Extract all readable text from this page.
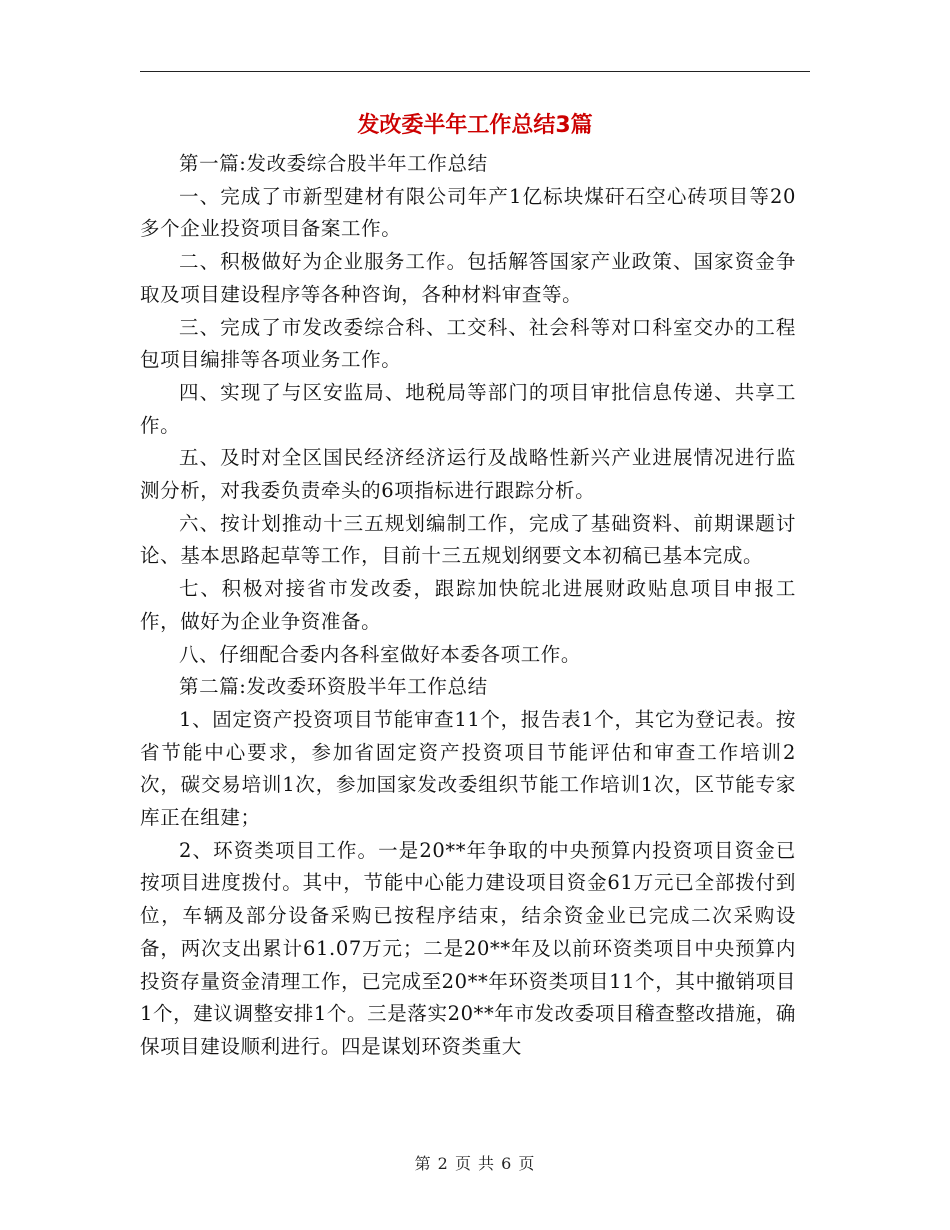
发改委半年工作总结3篇

第一篇:发改委综合股半年工作总结

一、完成了市新型建材有限公司年产1亿标块煤矸石空心砖项目等20多个企业投资项目备案工作。

二、积极做好为企业服务工作。包括解答国家产业政策、国家资金争取及项目建设程序等各种咨询，各种材料审查等。

三、完成了市发改委综合科、工交科、社会科等对口科室交办的工程包项目编排等各项业务工作。

四、实现了与区安监局、地税局等部门的项目审批信息传递、共享工作。

五、及时对全区国民经济经济运行及战略性新兴产业进展情况进行监测分析，对我委负责牵头的6项指标进行跟踪分析。

六、按计划推动十三五规划编制工作，完成了基础资料、前期课题讨论、基本思路起草等工作，目前十三五规划纲要文本初稿已基本完成。

七、积极对接省市发改委，跟踪加快皖北进展财政贴息项目申报工作，做好为企业争资准备。

八、仔细配合委内各科室做好本委各项工作。

第二篇:发改委环资股半年工作总结

1、固定资产投资项目节能审查11个，报告表1个，其它为登记表。按省节能中心要求，参加省固定资产投资项目节能评估和审查工作培训2次，碳交易培训1次，参加国家发改委组织节能工作培训1次，区节能专家库正在组建；

2、环资类项目工作。一是20**年争取的中央预算内投资项目资金已按项目进度拨付。其中，节能中心能力建设项目资金61万元已全部拨付到位，车辆及部分设备采购已按程序结束，结余资金业已完成二次采购设备，两次支出累计61.07万元；二是20**年及以前环资类项目中央预算内投资存量资金清理工作，已完成至20**年环资类项目11个，其中撤销项目1个，建议调整安排1个。三是落实20**年市发改委项目稽查整改措施，确保项目建设顺利进行。四是谋划环资类重大

第 2 页 共 6 页
